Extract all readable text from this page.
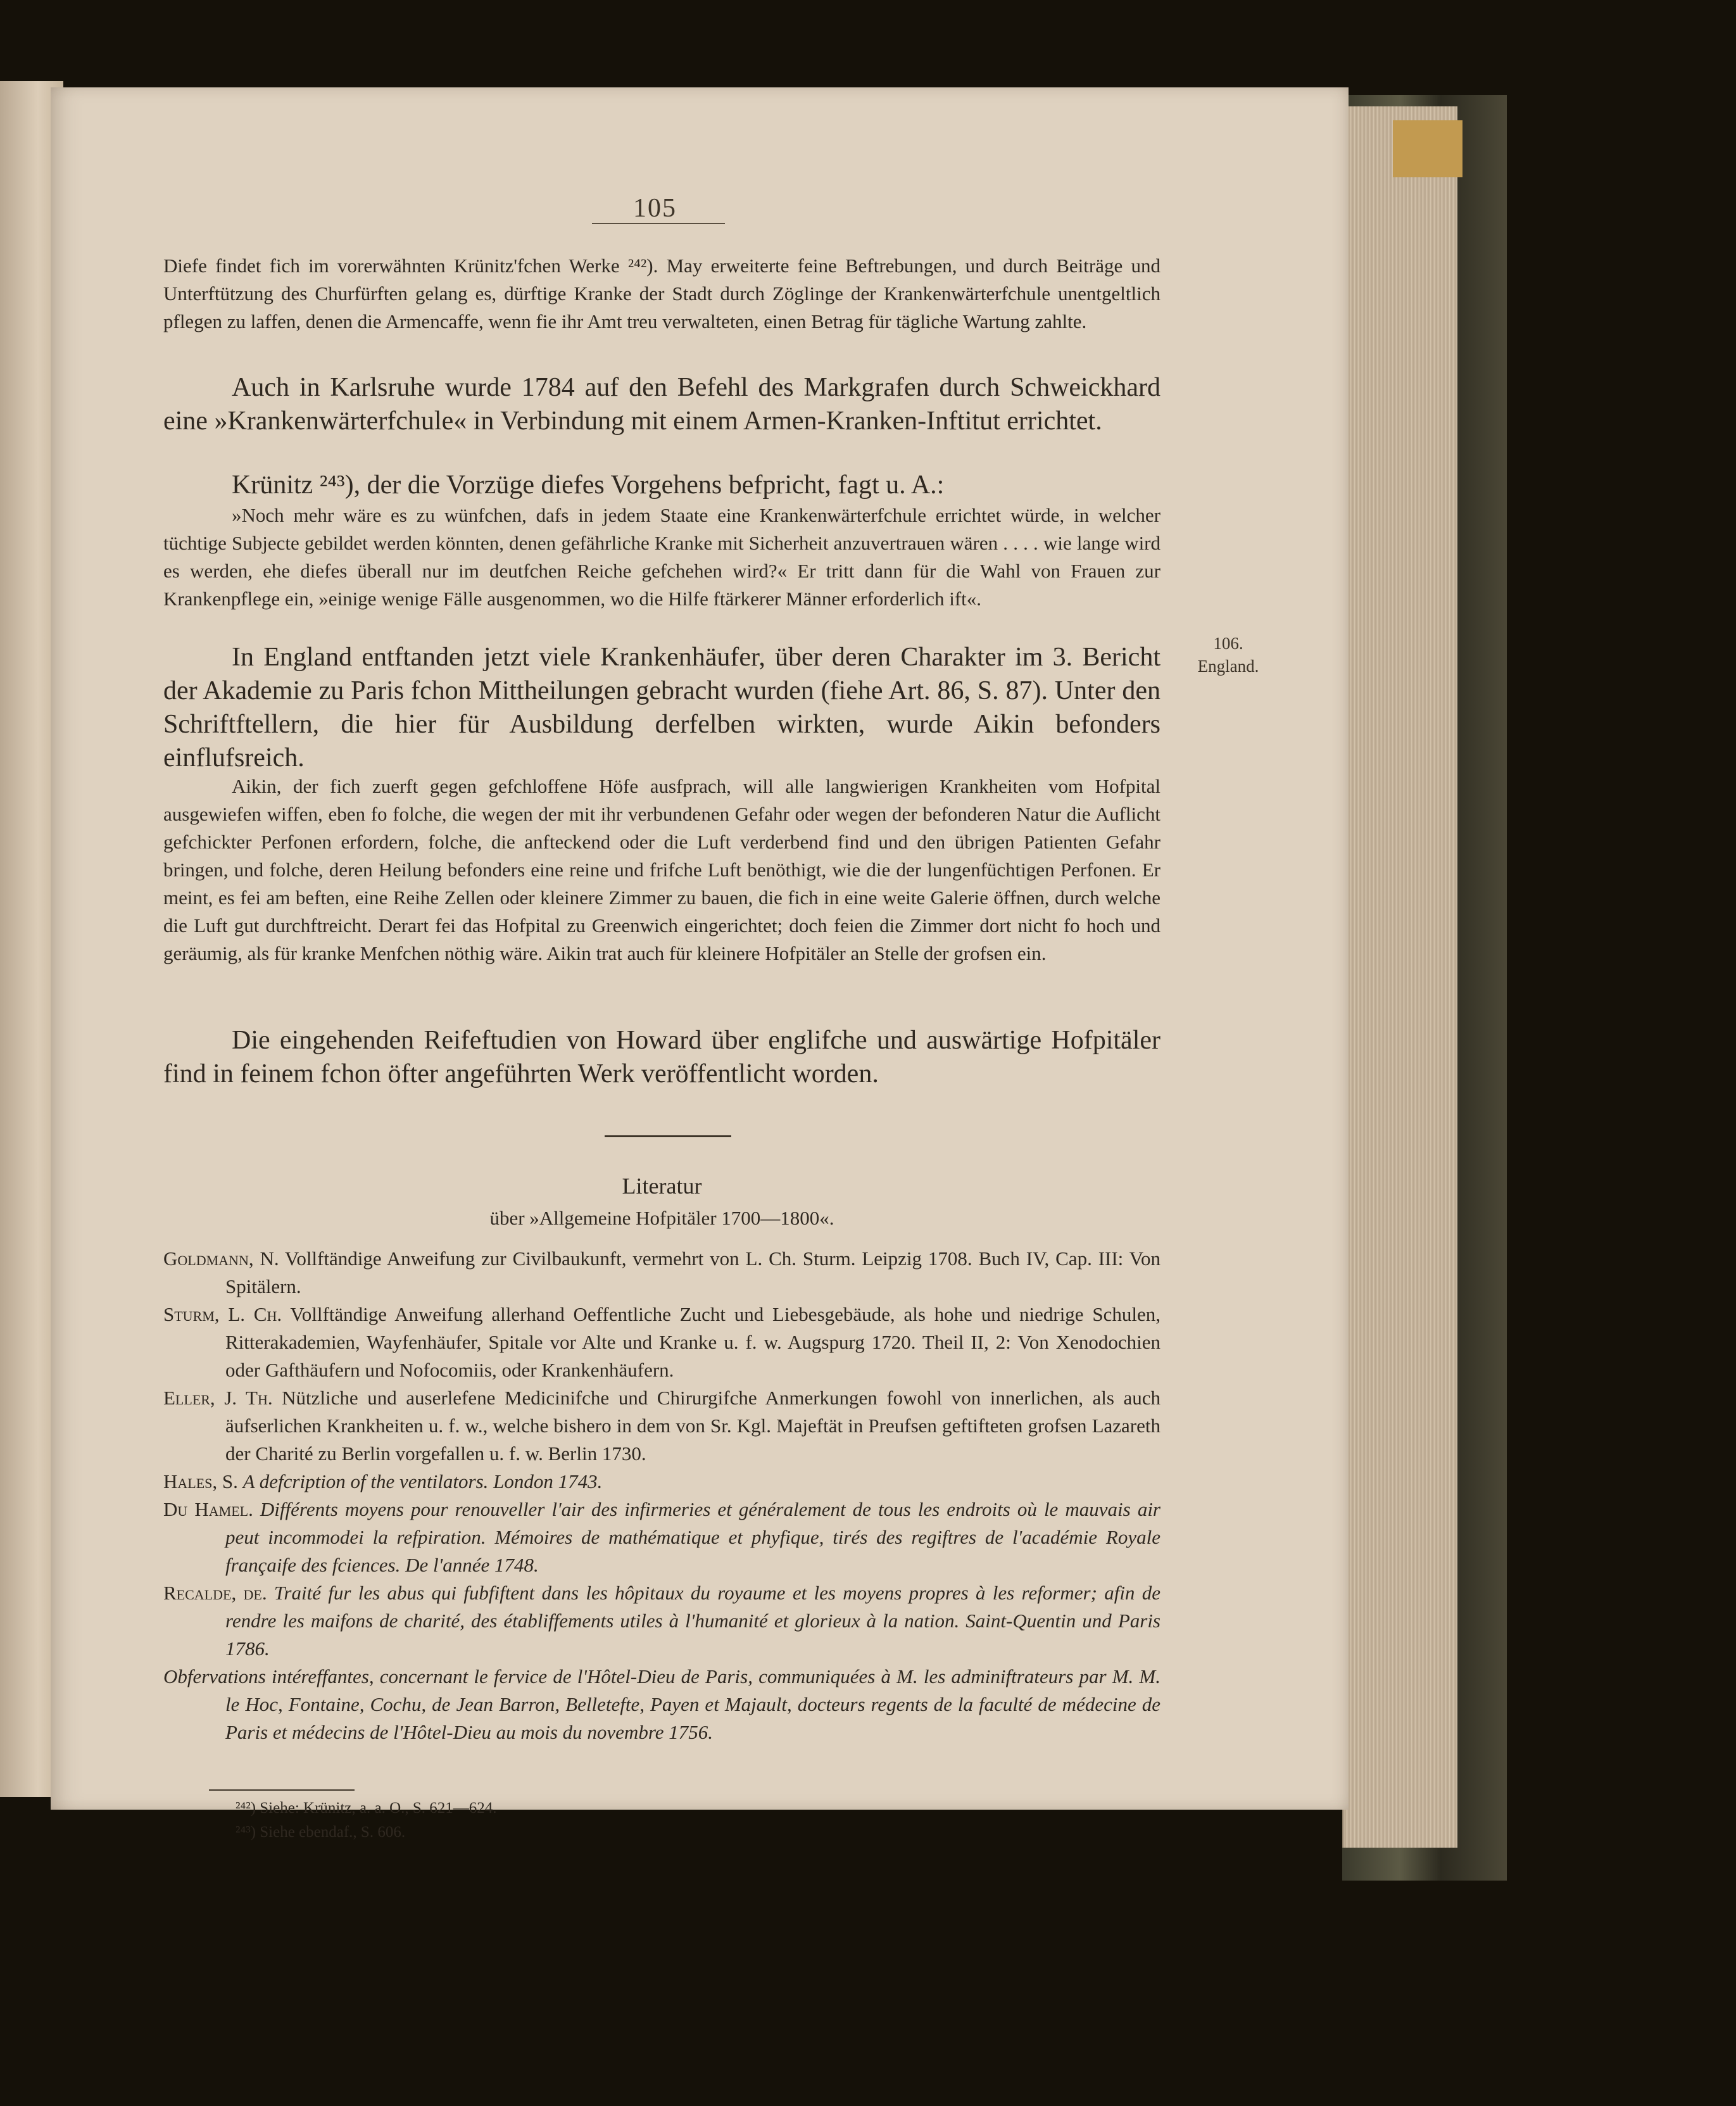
105
Diefe findet fich im vorerwähnten Krünitz'fchen Werke ²⁴²). May erweiterte feine Beftrebungen, und durch Beiträge und Unterftützung des Churfürften gelang es, dürftige Kranke der Stadt durch Zöglinge der Krankenwärterfchule unentgeltlich pflegen zu laffen, denen die Armencaffe, wenn fie ihr Amt treu verwalteten, einen Betrag für tägliche Wartung zahlte.
Auch in Karlsruhe wurde 1784 auf den Befehl des Markgrafen durch Schweickhard eine »Krankenwärterfchule« in Verbindung mit einem Armen-Kranken-Inftitut errichtet.
Krünitz ²⁴³), der die Vorzüge diefes Vorgehens befpricht, fagt u. A.:
»Noch mehr wäre es zu wünfchen, dafs in jedem Staate eine Krankenwärterfchule errichtet würde, in welcher tüchtige Subjecte gebildet werden könnten, denen gefährliche Kranke mit Sicherheit anzuvertrauen wären . . . . wie lange wird es werden, ehe diefes überall nur im deutfchen Reiche gefchehen wird?« Er tritt dann für die Wahl von Frauen zur Krankenpflege ein, »einige wenige Fälle ausgenommen, wo die Hilfe ftärkerer Männer erforderlich ift«.
106.
England.
In England entftanden jetzt viele Krankenhäufer, über deren Charakter im 3. Bericht der Akademie zu Paris fchon Mittheilungen gebracht wurden (fiehe Art. 86, S. 87). Unter den Schriftftellern, die hier für Ausbildung derfelben wirkten, wurde Aikin befonders einflufsreich.
Aikin, der fich zuerft gegen gefchloffene Höfe ausfprach, will alle langwierigen Krankheiten vom Hofpital ausgewiefen wiffen, eben fo folche, die wegen der mit ihr verbundenen Gefahr oder wegen der befonderen Natur die Auflicht gefchickter Perfonen erfordern, folche, die anfteckend oder die Luft verderbend find und den übrigen Patienten Gefahr bringen, und folche, deren Heilung befonders eine reine und frifche Luft benöthigt, wie die der lungenfüchtigen Perfonen. Er meint, es fei am beften, eine Reihe Zellen oder kleinere Zimmer zu bauen, die fich in eine weite Galerie öffnen, durch welche die Luft gut durchftreicht. Derart fei das Hofpital zu Greenwich eingerichtet; doch feien die Zimmer dort nicht fo hoch und geräumig, als für kranke Menfchen nöthig wäre. Aikin trat auch für kleinere Hofpitäler an Stelle der grofsen ein.
Die eingehenden Reifeftudien von Howard über englifche und auswärtige Hofpitäler find in feinem fchon öfter angeführten Werk veröffentlicht worden.
Literatur
über »Allgemeine Hofpitäler 1700—1800«.
Goldmann, N. Vollftändige Anweifung zur Civilbaukunft, vermehrt von L. Ch. Sturm. Leipzig 1708. Buch IV, Cap. III: Von Spitälern.
Sturm, L. Ch. Vollftändige Anweifung allerhand Oeffentliche Zucht und Liebesgebäude, als hohe und niedrige Schulen, Ritterakademien, Wayfenhäufer, Spitale vor Alte und Kranke u. f. w. Augspurg 1720. Theil II, 2: Von Xenodochien oder Gafthäufern und Nofocomiis, oder Krankenhäufern.
Eller, J. Th. Nützliche und auserlefene Medicinifche und Chirurgifche Anmerkungen fowohl von innerlichen, als auch äufserlichen Krankheiten u. f. w., welche bishero in dem von Sr. Kgl. Majeftät in Preufsen geftifteten grofsen Lazareth der Charité zu Berlin vorgefallen u. f. w. Berlin 1730.
Hales, S. A defcription of the ventilators. London 1743.
Du Hamel. Différents moyens pour renouveller l'air des infirmeries et généralement de tous les endroits où le mauvais air peut incommodei la refpiration. Mémoires de mathématique et phyfique, tirés des regiftres de l'académie Royale françaife des fciences. De l'année 1748.
Recalde, de. Traité fur les abus qui fubfiftent dans les hôpitaux du royaume et les moyens propres à les reformer; afin de rendre les maifons de charité, des établiffements utiles à l'humanité et glorieux à la nation. Saint-Quentin und Paris 1786.
Obfervations intéreffantes, concernant le fervice de l'Hôtel-Dieu de Paris, communiquées à M. les adminiftrateurs par M. M. le Hoc, Fontaine, Cochu, de Jean Barron, Belletefte, Payen et Majault, docteurs regents de la faculté de médecine de Paris et médecins de l'Hôtel-Dieu au mois du novembre 1756.
²⁴²) Siehe: Krünitz, a. a. O., S. 621—624.
²⁴³) Siehe ebendaf., S. 606.
